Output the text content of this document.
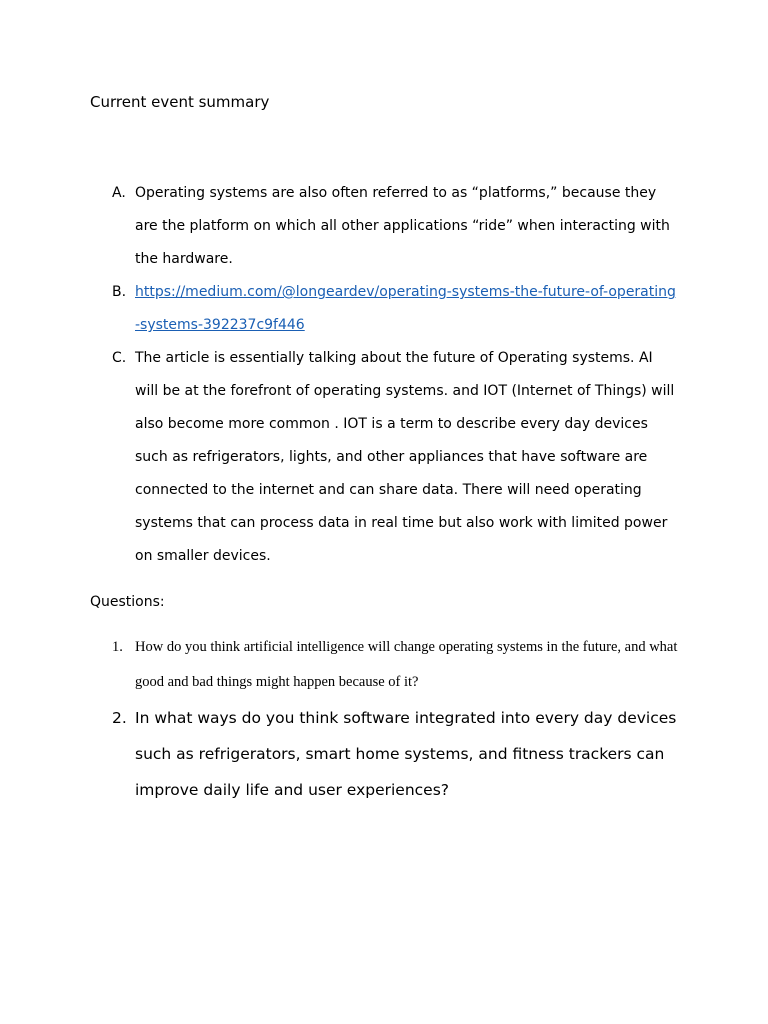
Current event summary
A. Operating systems are also often referred to as “platforms,” because they are the platform on which all other applications “ride” when interacting with the hardware.
B. https://medium.com/@longeardev/operating-systems-the-future-of-operating-systems-392237c9f446
C. The article is essentially talking about the future of Operating systems. AI will be at the forefront of operating systems. and IOT (Internet of Things) will also become more common . IOT is a term to describe every day devices such as refrigerators, lights, and other appliances that have software are connected to the internet and can share data. There will need operating systems that can process data in real time but also work with limited power on smaller devices.
Questions:
1. How do you think artificial intelligence will change operating systems in the future, and what good and bad things might happen because of it?
2. In what ways do you think software integrated into every day devices such as refrigerators, smart home systems, and fitness trackers can improve daily life and user experiences?
